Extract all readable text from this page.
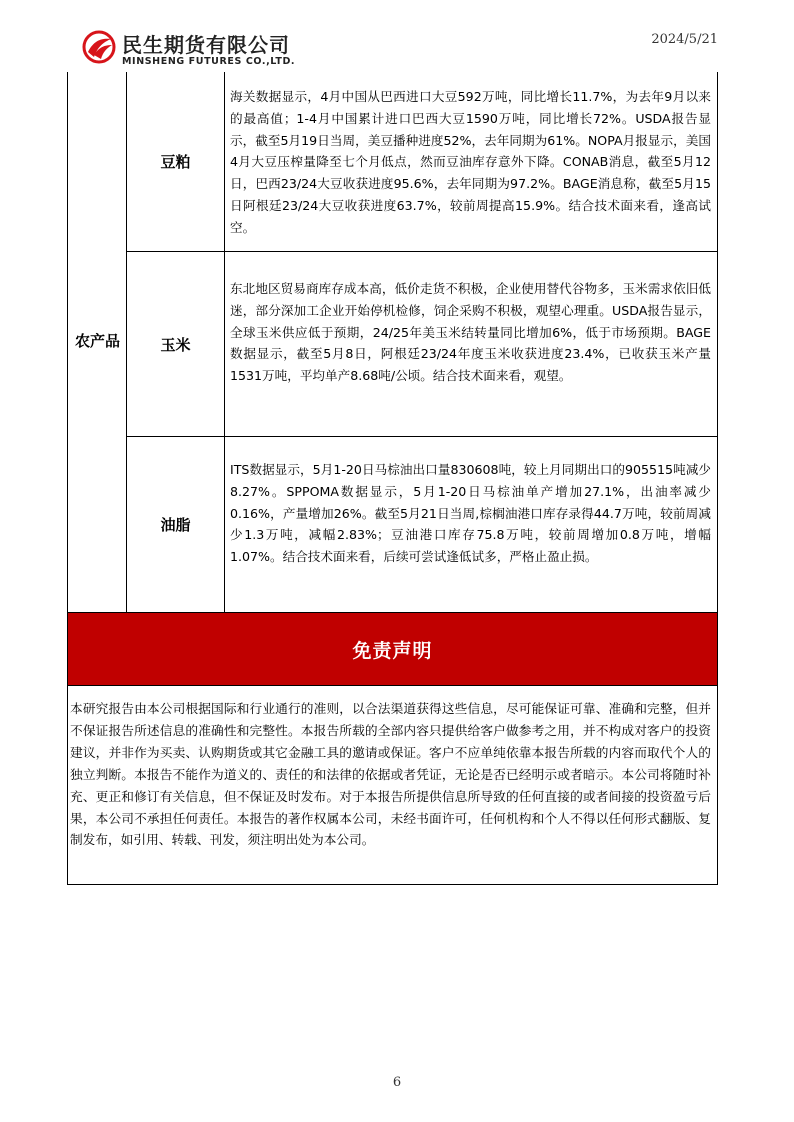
民生期货有限公司
MINSHENG FUTURES CO.,LTD.
2024/5/21
农产品
豆粕
海关数据显示，4月中国从巴西进口大豆592万吨，同比增长11.7%，为去年9月以来的最高值；1-4月中国累计进口巴西大豆1590万吨，同比增长72%。USDA报告显示，截至5月19日当周，美豆播种进度52%，去年同期为61%。NOPA月报显示，美国4月大豆压榨量降至七个月低点，然而豆油库存意外下降。CONAB消息，截至5月12日，巴西23/24大豆收获进度95.6%，去年同期为97.2%。BAGE消息称，截至5月15日阿根廷23/24大豆收获进度63.7%，较前周提高15.9%。结合技术面来看，逢高试空。
玉米
东北地区贸易商库存成本高，低价走货不积极，企业使用替代谷物多，玉米需求依旧低迷，部分深加工企业开始停机检修，饲企采购不积极，观望心理重。USDA报告显示，全球玉米供应低于预期，24/25年美玉米结转量同比增加6%，低于市场预期。BAGE数据显示，截至5月8日，阿根廷23/24年度玉米收获进度23.4%，已收获玉米产量1531万吨，平均单产8.68吨/公顷。结合技术面来看，观望。
油脂
ITS数据显示，5月1-20日马棕油出口量830608吨，较上月同期出口的905515吨减少8.27%。SPPOMA数据显示，5月1-20日马棕油单产增加27.1%，出油率减少0.16%，产量增加26%。截至5月21日当周,棕榈油港口库存录得44.7万吨，较前周减少1.3万吨，减幅2.83%；豆油港口库存75.8万吨，较前周增加0.8万吨，增幅1.07%。结合技术面来看，后续可尝试逢低试多，严格止盈止损。
免责声明
本研究报告由本公司根据国际和行业通行的准则，以合法渠道获得这些信息，尽可能保证可靠、准确和完整，但并不保证报告所述信息的准确性和完整性。本报告所载的全部内容只提供给客户做参考之用，并不构成对客户的投资建议，并非作为买卖、认购期货或其它金融工具的邀请或保证。客户不应单纯依靠本报告所载的内容而取代个人的独立判断。本报告不能作为道义的、责任的和法律的依据或者凭证，无论是否已经明示或者暗示。本公司将随时补充、更正和修订有关信息，但不保证及时发布。对于本报告所提供信息所导致的任何直接的或者间接的投资盈亏后果，本公司不承担任何责任。本报告的著作权属本公司，未经书面许可，任何机构和个人不得以任何形式翻版、复制发布，如引用、转载、刊发，须注明出处为本公司。
6
